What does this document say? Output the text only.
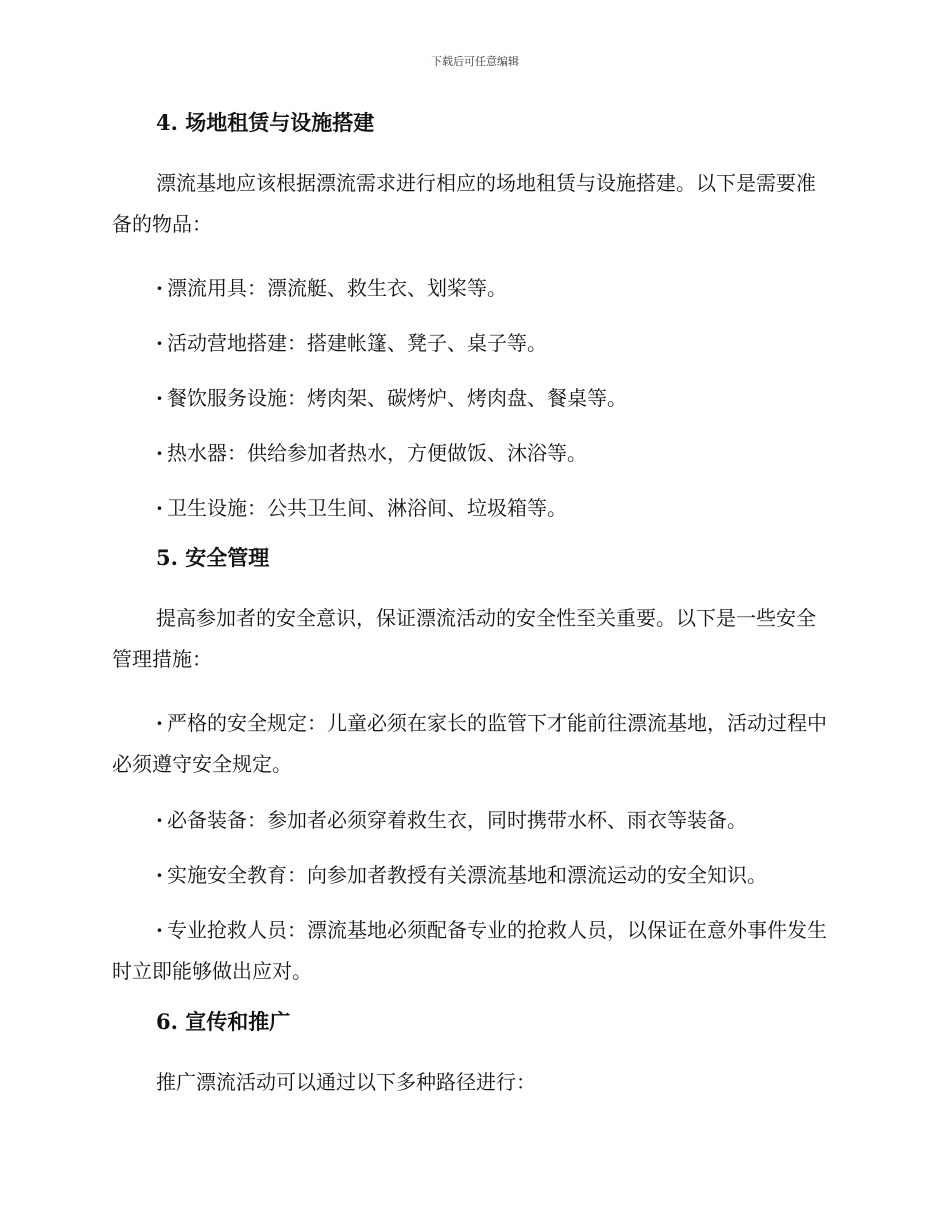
下载后可任意编辑
4. 场地租赁与设施搭建

漂流基地应该根据漂流需求进行相应的场地租赁与设施搭建。以下是需要准备的物品：

· 漂流用具：漂流艇、救生衣、划桨等。

· 活动营地搭建：搭建帐篷、凳子、桌子等。

· 餐饮服务设施：烤肉架、碳烤炉、烤肉盘、餐桌等。

· 热水器：供给参加者热水，方便做饭、沐浴等。

· 卫生设施：公共卫生间、淋浴间、垃圾箱等。

5. 安全管理

提高参加者的安全意识，保证漂流活动的安全性至关重要。以下是一些安全管理措施：

· 严格的安全规定：儿童必须在家长的监管下才能前往漂流基地，活动过程中必须遵守安全规定。

· 必备装备：参加者必须穿着救生衣，同时携带水杯、雨衣等装备。

· 实施安全教育：向参加者教授有关漂流基地和漂流运动的安全知识。

· 专业抢救人员：漂流基地必须配备专业的抢救人员，以保证在意外事件发生时立即能够做出应对。

6. 宣传和推广

推广漂流活动可以通过以下多种路径进行：
